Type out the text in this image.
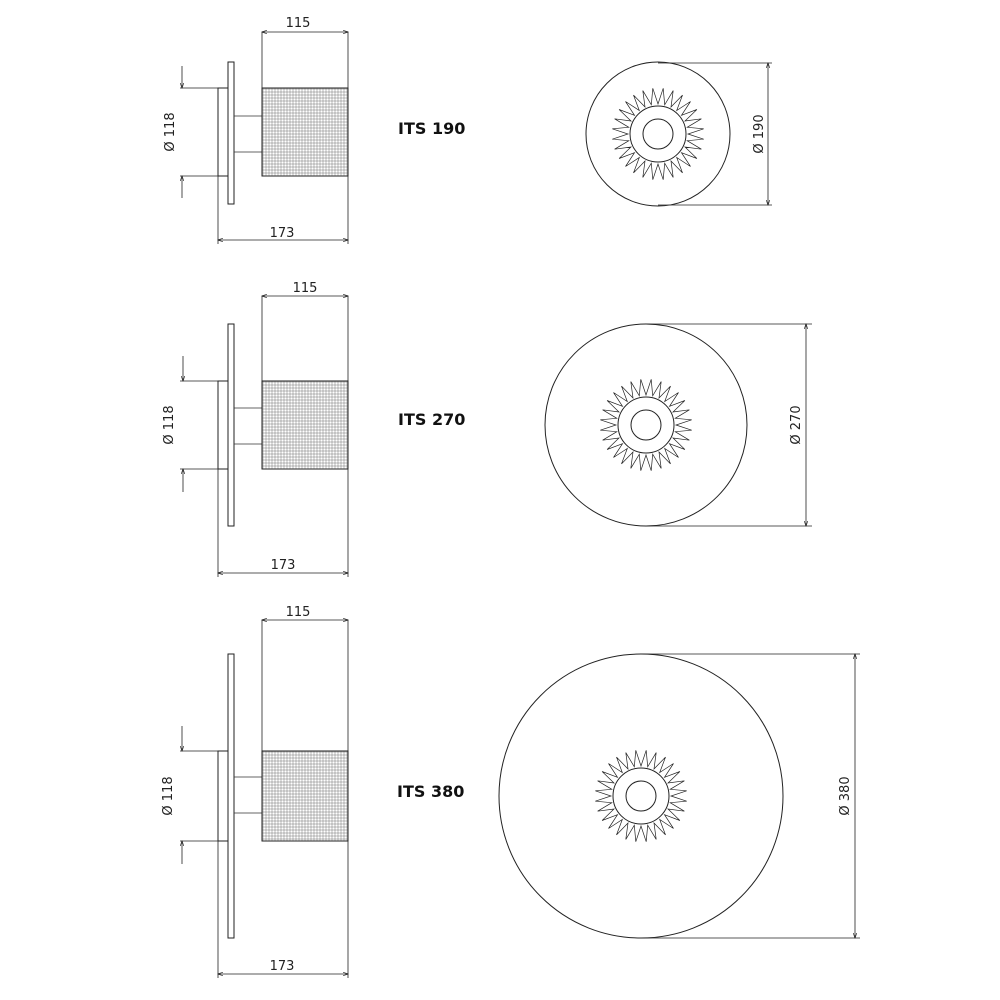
115
173
Ø 118	ITS 190	Ø 190
115
173
Ø 118	ITS 270	Ø 270
115
173
Ø 118	ITS 380	Ø 380
